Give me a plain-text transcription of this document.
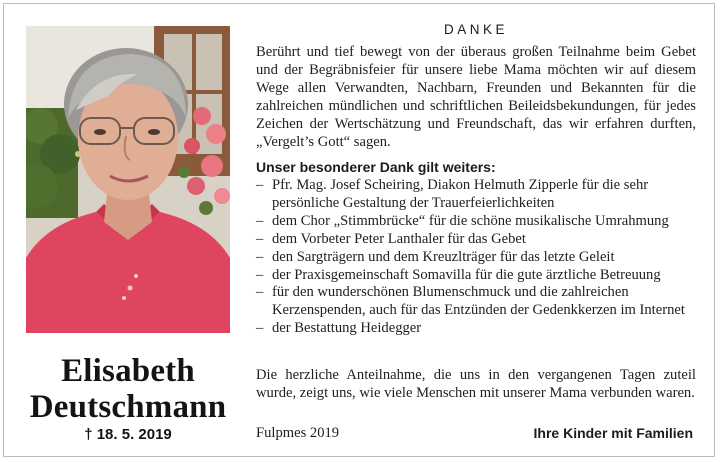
Elisabeth
Deutschmann
† 18. 5. 2019
DANKE
Berührt und tief bewegt von der überaus großen Teilnahme beim Gebet und der Begräbnisfeier für unsere liebe Mama möchten wir auf diesem Wege allen Verwandten, Nachbarn, Freunden und Bekannten für die zahlreichen mündlichen und schriftlichen Beileidsbekundungen, für jedes Zeichen der Wertschätzung und Freundschaft, das wir erfahren durften, „Vergelt’s Gott“ sagen.
Unser besonderer Dank gilt weiters:
– Pfr. Mag. Josef Scheiring, Diakon Helmuth Zipperle für die sehr persönliche Gestaltung der Trauerfeierlichkeiten
– dem Chor „Stimmbrücke“ für die schöne musikalische Umrahmung
– dem Vorbeter Peter Lanthaler für das Gebet
– den Sargträgern und dem Kreuzlträger für das letzte Geleit
– der Praxisgemeinschaft Somavilla für die gute ärztliche Betreuung
– für den wunderschönen Blumenschmuck und die zahlreichen Kerzenspenden, auch für das Entzünden der Gedenkkerzen im Internet
– der Bestattung Heidegger
Die herzliche Anteilnahme, die uns in den vergangenen Tagen zuteil wurde, zeigt uns, wie viele Menschen mit unserer Mama verbunden waren.
Fulpmes 2019	Ihre Kinder mit Familien
